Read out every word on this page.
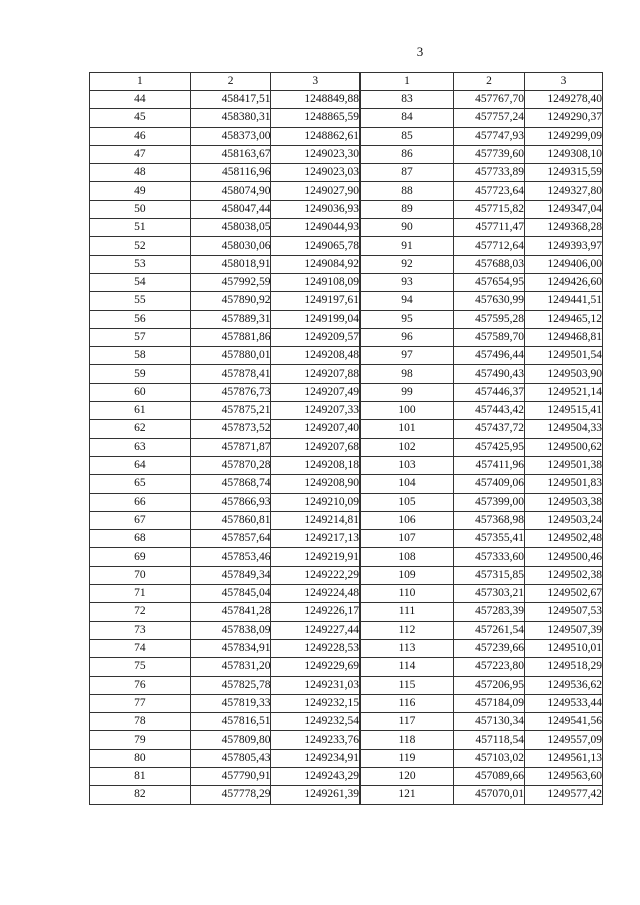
3
1	2	3
44	458417,51	1248849,88
45	458380,31	1248865,59
46	458373,00	1248862,61
47	458163,67	1249023,30
48	458116,96	1249023,03
49	458074,90	1249027,90
50	458047,44	1249036,93
51	458038,05	1249044,93
52	458030,06	1249065,78
53	458018,91	1249084,92
54	457992,59	1249108,09
55	457890,92	1249197,61
56	457889,31	1249199,04
57	457881,86	1249209,57
58	457880,01	1249208,48
59	457878,41	1249207,88
60	457876,73	1249207,49
61	457875,21	1249207,33
62	457873,52	1249207,40
63	457871,87	1249207,68
64	457870,28	1249208,18
65	457868,74	1249208,90
66	457866,93	1249210,09
67	457860,81	1249214,81
68	457857,64	1249217,13
69	457853,46	1249219,91
70	457849,34	1249222,29
71	457845,04	1249224,48
72	457841,28	1249226,17
73	457838,09	1249227,44
74	457834,91	1249228,53
75	457831,20	1249229,69
76	457825,78	1249231,03
77	457819,33	1249232,15
78	457816,51	1249232,54
79	457809,80	1249233,76
80	457805,43	1249234,91
81	457790,91	1249243,29
82	457778,29	1249261,39
1	2	3
83	457767,70	1249278,40
84	457757,24	1249290,37
85	457747,93	1249299,09
86	457739,60	1249308,10
87	457733,89	1249315,59
88	457723,64	1249327,80
89	457715,82	1249347,04
90	457711,47	1249368,28
91	457712,64	1249393,97
92	457688,03	1249406,00
93	457654,95	1249426,60
94	457630,99	1249441,51
95	457595,28	1249465,12
96	457589,70	1249468,81
97	457496,44	1249501,54
98	457490,43	1249503,90
99	457446,37	1249521,14
100	457443,42	1249515,41
101	457437,72	1249504,33
102	457425,95	1249500,62
103	457411,96	1249501,38
104	457409,06	1249501,83
105	457399,00	1249503,38
106	457368,98	1249503,24
107	457355,41	1249502,48
108	457333,60	1249500,46
109	457315,85	1249502,38
110	457303,21	1249502,67
111	457283,39	1249507,53
112	457261,54	1249507,39
113	457239,66	1249510,01
114	457223,80	1249518,29
115	457206,95	1249536,62
116	457184,09	1249533,44
117	457130,34	1249541,56
118	457118,54	1249557,09
119	457103,02	1249561,13
120	457089,66	1249563,60
121	457070,01	1249577,42
